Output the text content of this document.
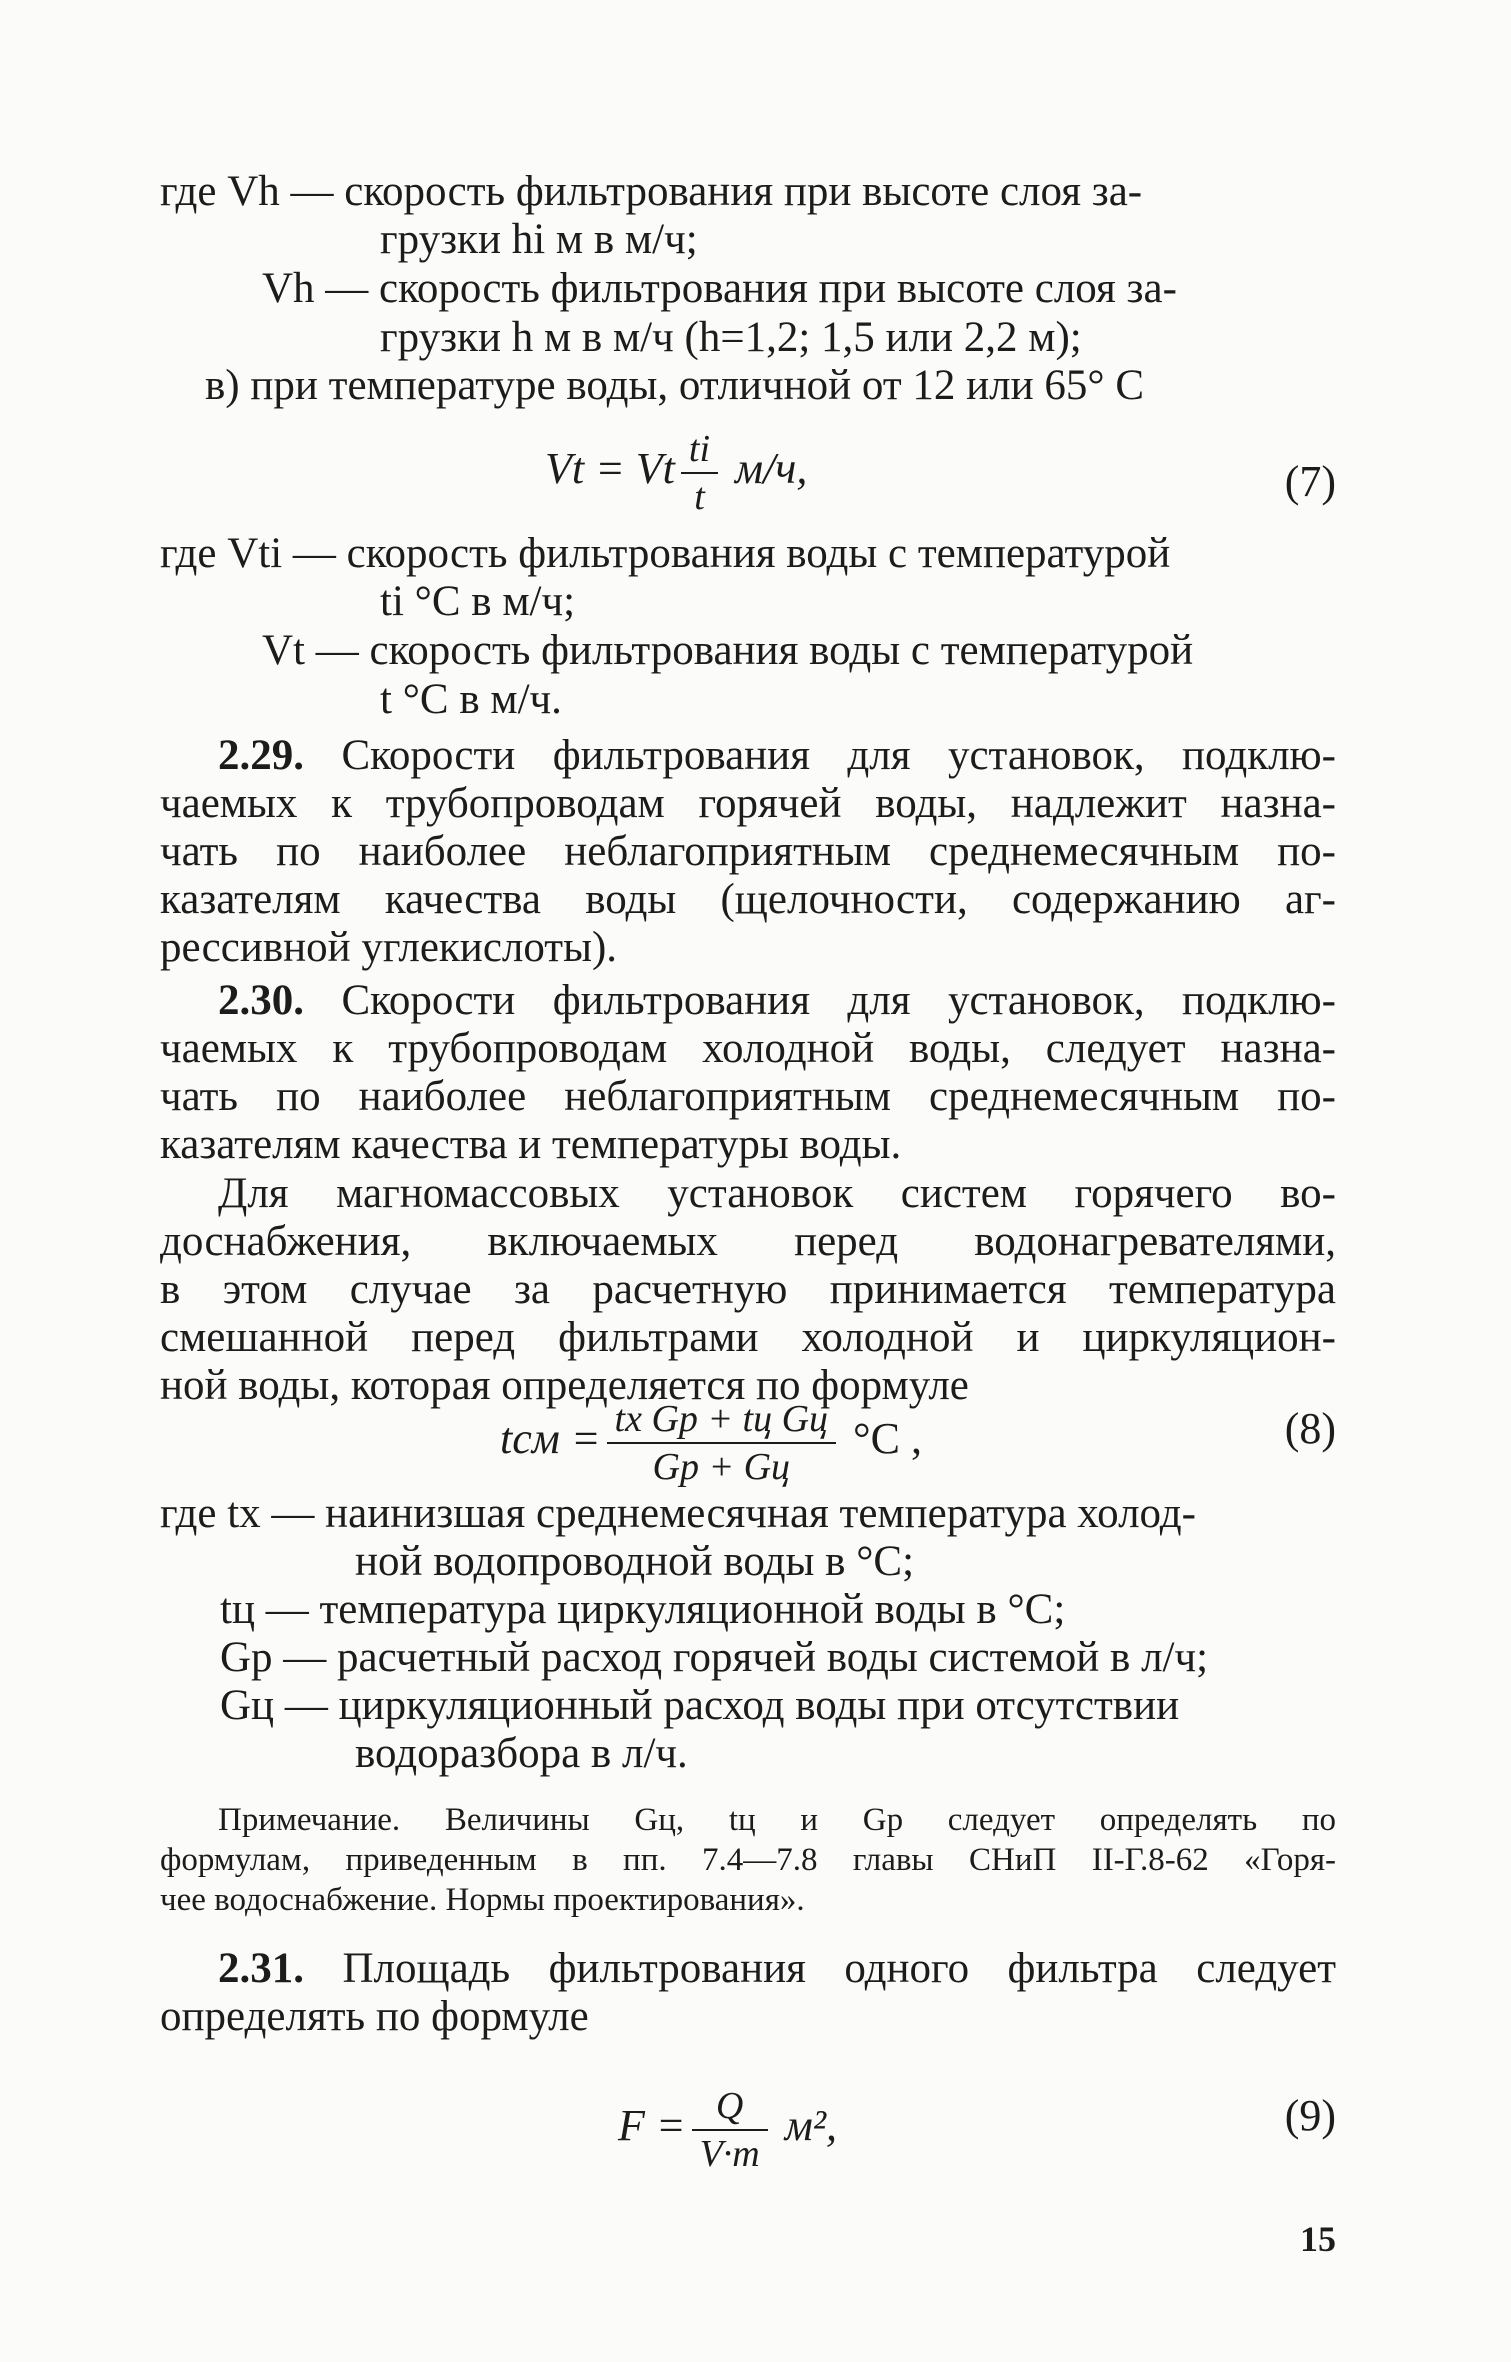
где Vh — скорость фильтрования при высоте слоя за-
грузки hi м в м/ч;
Vh — скорость фильтрования при высоте слоя за-
грузки h м в м/ч (h=1,2; 1,5 или 2,2 м);
в) при температуре воды, отличной от 12 или 65° С
Vt = Vt $\frac{ti}{t} м/ч$,	(7)
где Vti — скорость фильтрования воды с температурой
ti °С в м/ч;
Vt — скорость фильтрования воды с температурой
t °С в м/ч.
2.29. Скорости фильтрования для установок, подклю-
чаемых к трубопроводам горячей воды, надлежит назна-
чать по наиболее неблагоприятным среднемесячным по-
казателям качества воды (щелочности, содержанию аг-
рессивной углекислоты).
2.30. Скорости фильтрования для установок, подклю-
чаемых к трубопроводам холодной воды, следует назна-
чать по наиболее неблагоприятным среднемесячным по-
казателям качества и температуры воды.
Для магномассовых установок систем горячего во-
доснабжения, включаемых перед водонагревателями,
в этом случае за расчетную принимается температура
смешанной перед фильтрами холодной и циркуляцион-
ной воды, которая определяется по формуле
tсм = $\frac{\text{tх Gр + tц Gц}}{Gр + Gц} ^\circ С$ ,	(8)
где tх — наинизшая среднемесячная температура холод-
ной водопроводной воды в °С;
tц — температура циркуляционной воды в °С;
Gр — расчетный расход горячей воды системой в л/ч;
Gц — циркуляционный расход воды при отсутствии
водоразбора в л/ч.
Примечание. Величины Gц, tц и Gр следует определять по
формулам, приведенным в пп. 7.4—7.8 главы СНиП II-Г.8-62 «Горя-
чее водоснабжение. Нормы проектирования».
2.31. Площадь фильтрования одного фильтра следует
определять по формуле
$F = \frac{Q}{V\cdot m} м^2$,	(9)
15
